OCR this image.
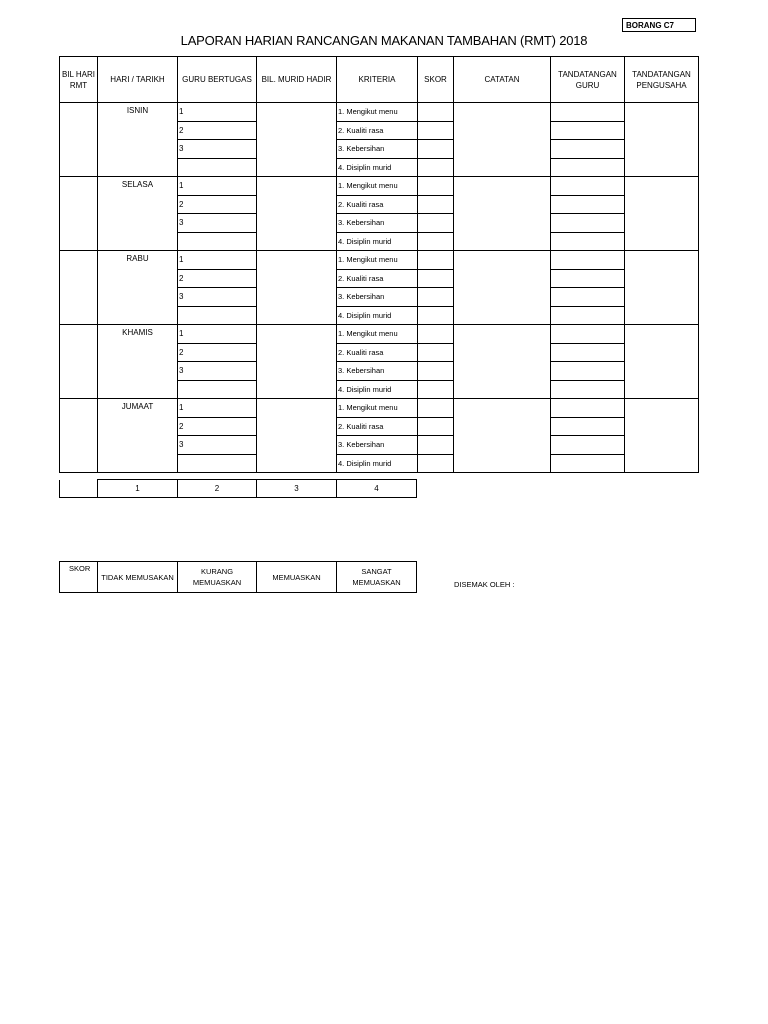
BORANG C7
LAPORAN HARIAN RANCANGAN MAKANAN TAMBAHAN (RMT) 2018
BIL HARI RMT	HARI / TARIKH	GURU BERTUGAS	BIL. MURID HADIR	KRITERIA	SKOR	CATATAN	TANDATANGAN GURU	TANDATANGAN PENGUSAHA
	ISNIN	1		1. Mengikut menu				
		2		2. Kualiti rasa				
		3		3. Kebersihan				
				4. Disiplin murid				
	SELASA	1		1. Mengikut menu				
		2		2. Kualiti rasa				
		3		3. Kebersihan				
				4. Disiplin murid				
	RABU	1		1. Mengikut menu				
		2		2. Kualiti rasa				
		3		3. Kebersihan				
				4. Disiplin murid				
	KHAMIS	1		1. Mengikut menu				
		2		2. Kualiti rasa				
		3		3. Kebersihan				
				4. Disiplin murid				
	JUMAAT	1		1. Mengikut menu				
		2		2. Kualiti rasa				
		3		3. Kebersihan				
				4. Disiplin murid				
	1	2	3	4
SKOR	TIDAK MEMUSAKAN	KURANG MEMUASKAN	MEMUASKAN	SANGAT MEMUASKAN	DISEMAK OLEH :
